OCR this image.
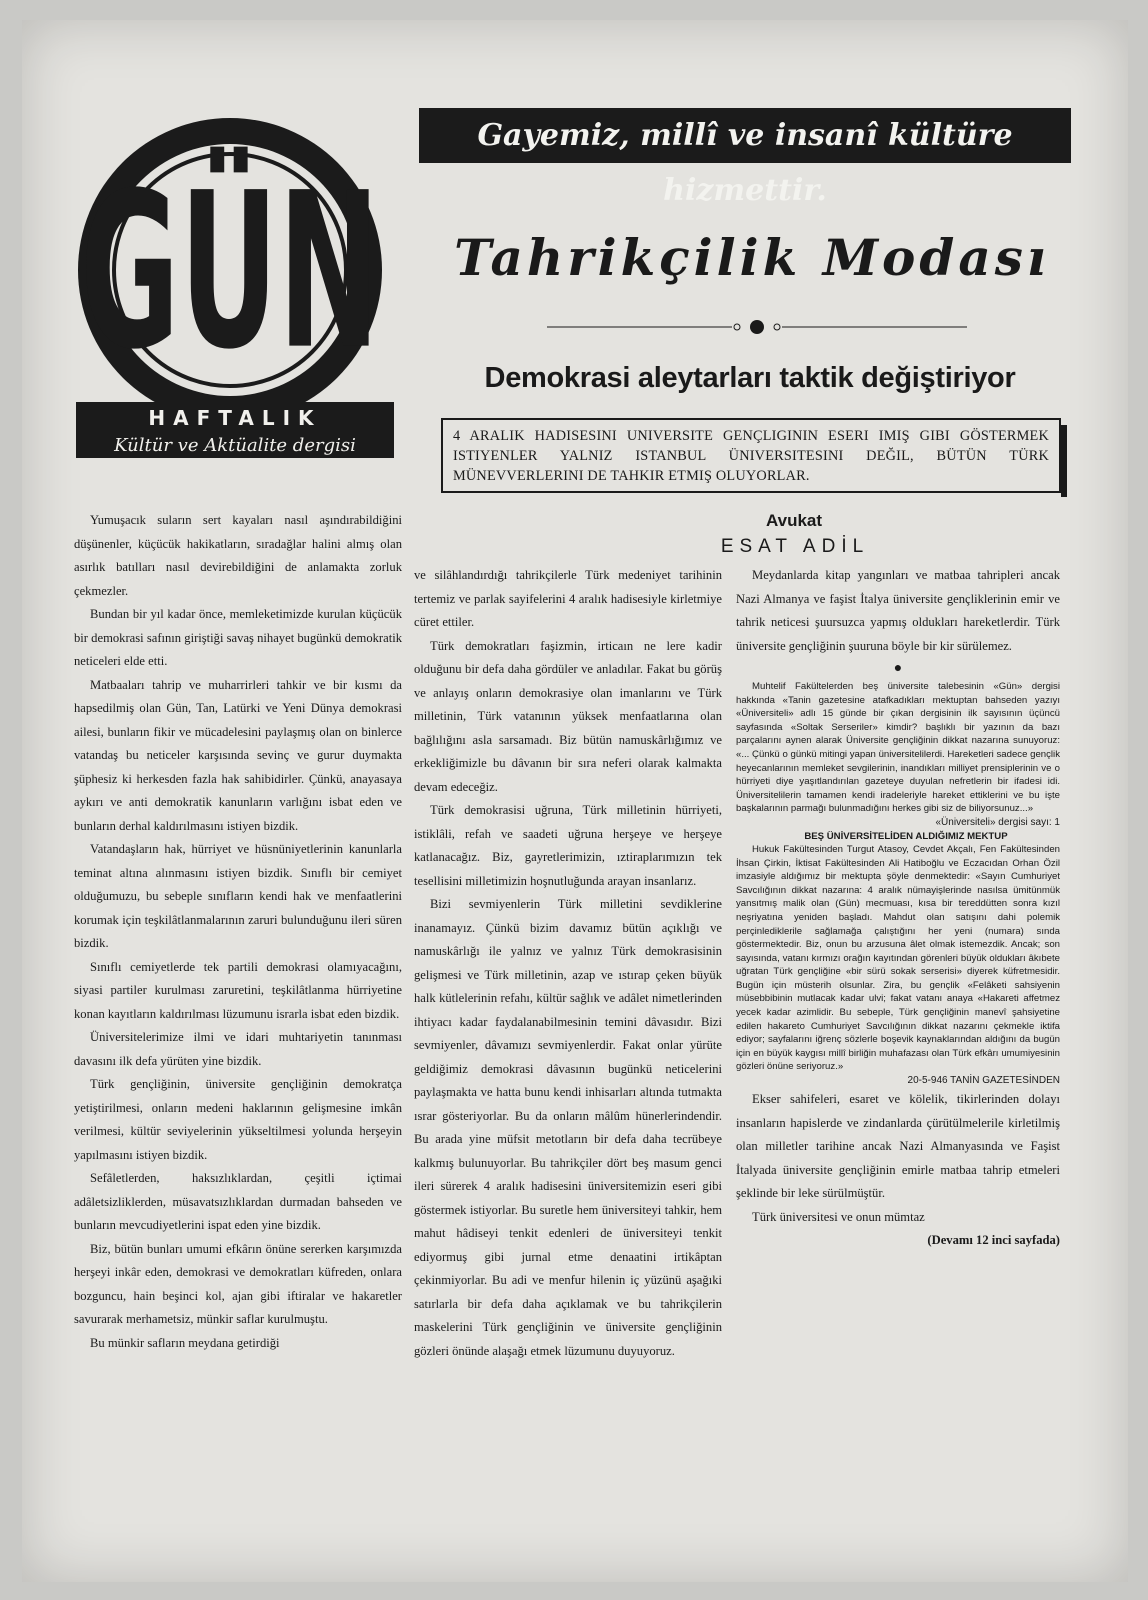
GÜN
HAFTALIK
Kültür ve Aktüalite dergisi
Gayemiz, millî ve insanî kültüre hizmettir.
Tahrikçilik Modası
Demokrasi aleytarları taktik değiştiriyor
4 ARALIK HADISESINI UNIVERSITE GENÇLIGININ ESERI IMIŞ GIBI GÖSTERMEK ISTIYENLER YALNIZ ISTANBUL ÜNIVERSITESINI DEĞIL, BÜTÜN TÜRK MÜNEVVERLERINI DE TAHKIR ETMIŞ OLUYORLAR.
Avukat
ESAT ADİL

Yumuşacık suların sert kayaları nasıl aşındırabildiğini düşünenler, küçücük hakikatların, sıradağlar halini almış olan asırlık batılları nasıl devirebildiğini de anlamakta zorluk çekmezler.

Bundan bir yıl kadar önce, memleketimizde kurulan küçücük bir demokrasi safının giriştiği savaş nihayet bugünkü demokratik neticeleri elde etti.

Matbaaları tahrip ve muharrirleri tahkir ve bir kısmı da hapsedilmiş olan Gün, Tan, Latürki ve Yeni Dünya demokrasi ailesi, bunların fikir ve mücadelesini paylaşmış olan on binlerce vatandaş bu neticeler karşısında sevinç ve gurur duymakta şüphesiz ki herkesden fazla hak sahibidirler. Çünkü, anayasaya aykırı ve anti demokratik kanunların varlığını isbat eden ve bunların derhal kaldırılmasını istiyen bizdik.

Vatandaşların hak, hürriyet ve hüsnüniyetlerinin kanunlarla teminat altına alınmasını istiyen bizdik. Sınıflı bir cemiyet olduğumuzu, bu sebeple sınıfların kendi hak ve menfaatlerini korumak için teşkilâtlanmalarının zaruri bulunduğunu ileri süren bizdik.

Sınıflı cemiyetlerde tek partili demokrasi olamıyacağını, siyasi partiler kurulması zaruretini, teşkilâtlanma hürriyetine konan kayıtların kaldırılması lüzumunu israrla isbat eden bizdik.

Üniversitelerimize ilmi ve idari muhtariyetin tanınması davasını ilk defa yürüten yine bizdik.

Türk gençliğinin, üniversite gençliğinin demokratça yetiştirilmesi, onların medeni haklarının gelişmesine imkân verilmesi, kültür seviyelerinin yükseltilmesi yolunda herşeyin yapılmasını istiyen bizdik.

Sefâletlerden, haksızlıklardan, çeşitli içtimai adâletsizliklerden, müsavatsızlıklardan durmadan bahseden ve bunların mevcudiyetlerini ispat eden yine bizdik.

Biz, bütün bunları umumi efkârın önüne sererken karşımızda herşeyi inkâr eden, demokrasi ve demokratları küfreden, onlara bozguncu, hain beşinci kol, ajan gibi iftiralar ve hakaretler savurarak merhametsiz, münkir saflar kurulmuştu.

Bu münkir safların meydana getirdiği

ve silâhlandırdığı tahrikçilerle Türk medeniyet tarihinin tertemiz ve parlak sayifelerini 4 aralık hadisesiyle kirletmiye cüret ettiler.

Türk demokratları faşizmin, irticaın ne lere kadir olduğunu bir defa daha gördüler ve anladılar. Fakat bu görüş ve anlayış onların demokrasiye olan imanlarını ve Türk milletinin, Türk vatanının yüksek menfaatlarına olan bağlılığını asla sarsamadı. Biz bütün namuskârlığımız ve erkekliğimizle bu dâvanın bir sıra neferi olarak kalmakta devam edeceğiz.

Türk demokrasisi uğruna, Türk milletinin hürriyeti, istiklâli, refah ve saadeti uğruna herşeye ve herşeye katlanacağız. Biz, gayretlerimizin, ıztiraplarımızın tek tesellisini milletimizin hoşnutluğunda arayan insanlarız.

Bizi sevmiyenlerin Türk milletini sevdiklerine inanamayız. Çünkü bizim davamız bütün açıklığı ve namuskârlığı ile yalnız ve yalnız Türk demokrasisinin gelişmesi ve Türk milletinin, azap ve ıstırap çeken büyük halk kütlelerinin refahı, kültür sağlık ve adâlet nimetlerinden ihtiyacı kadar faydalanabilmesinin temini dâvasıdır. Bizi sevmiyenler, dâvamızı sevmiyenlerdir. Fakat onlar yürüte geldiğimiz demokrasi dâvasının bugünkü neticelerini paylaşmakta ve hatta bunu kendi inhisarları altında tutmakta ısrar gösteriyorlar. Bu da onların mâlûm hünerlerindendir. Bu arada yine müfsit metotların bir defa daha tecrübeye kalkmış bulunuyorlar. Bu tahrikçiler dört beş masum genci ileri sürerek 4 aralık hadisesini üniversitemizin eseri gibi göstermek istiyorlar. Bu suretle hem üniversiteyi tahkir, hem mahut hâdiseyi tenkit edenleri de üniversiteyi tenkit ediyormuş gibi jurnal etme denaatini irtikâptan çekinmiyorlar. Bu adi ve menfur hilenin iç yüzünü aşağıki satırlarla bir defa daha açıklamak ve bu tahrikçilerin maskelerini Türk gençliğinin ve üniversite gençliğinin gözleri önünde alaşağı etmek lüzumunu duyuyoruz.

Meydanlarda kitap yangınları ve matbaa tahripleri ancak Nazi Almanya ve faşist İtalya üniversite gençliklerinin emir ve tahrik neticesi şuursuzca yapmış oldukları hareketlerdir. Türk üniversite gençliğinin şuuruna böyle bir kir sürülemez.

●

Muhtelif Fakültelerden beş üniversite talebesinin «Gün» dergisi hakkında «Tanin gazetesine atafkadıkları mektuptan bahseden yazıyı «Üniversiteli» adlı 15 günde bir çıkan dergisinin ilk sayısının üçüncü sayfasında «Soltak Serseriler» kimdir? başlıklı bir yazının da bazı parçalarını aynen alarak Üniversite gençliğinin dikkat nazarına sunuyoruz: «... Çünkü o günkü mitingi yapan üniversitelilerdi. Hareketleri sadece gençlik heyecanlarının memleket sevgilerinin, inandıkları milliyet prensiplerinin ve o hürriyeti diye yaşıtlandırılan gazeteye duyulan nefretlerin bir ifadesi idi. Üniversitelilerin tamamen kendi iradeleriyle hareket ettiklerini ve bu işte başkalarının parmağı bulunmadığını herkes gibi siz de biliyorsunuz...»

«Üniversiteli» dergisi sayı: 1

BEŞ ÜNİVERSİTELİDEN ALDIĞIMIZ MEKTUP

Hukuk Fakültesinden Turgut Atasoy, Cevdet Akçalı, Fen Fakültesinden İhsan Çirkin, İktisat Fakültesinden Ali Hatiboğlu ve Eczacıdan Orhan Özil imzasiyle aldığımız bir mektupta şöyle denmektedir: «Sayın Cumhuriyet Savcılığının dikkat nazarına: 4 aralık nümayişlerinde nasılsa ümitünmük yansıtmış malik olan (Gün) mecmuası, kısa bir tereddütten sonra kızıl neşriyatına yeniden başladı. Mahdut olan satışını dahi polemik perçinlediklerile sağlamağa çalıştığını her yeni (numara) sında göstermektedir. Biz, onun bu arzusuna âlet olmak istemezdik. Ancak; son sayısında, vatanı kırmızı orağın kayıtından görenleri büyük oldukları âkıbete uğratan Türk gençliğine «bir sürü sokak serserisi» diyerek küfretmesidir. Bugün için müsterih olsunlar. Zira, bu gençlik «Felâketi sahsiyenin müsebbibinin mutlacak kadar ulvi; fakat vatanı anaya «Hakareti affetmez yecek kadar azimlidir. Bu sebeple, Türk gençliğinin manevî şahsiyetine edilen hakareto Cumhuriyet Savcılığının dikkat nazarını çekmekle iktifa ediyor; sayfalarını iğrenç sözlerle boşevik kaynaklarından aldığını da bugün için en büyük kaygısı millî birliğin muhafazası olan Türk efkârı umumiyesinin gözleri önüne seriyoruz.»

20-5-946 TANİN GAZETESİNDEN

Ekser sahifeleri, esaret ve kölelik, tikirlerinden dolayı insanların hapislerde ve zindanlarda çürütülmelerile kirletilmiş olan milletler tarihine ancak Nazi Almanyasında ve Faşist İtalyada üniversite gençliğinin emirle matbaa tahrip etmeleri şeklinde bir leke sürülmüştür.

Türk üniversitesi ve onun mümtaz

(Devamı 12 inci sayfada)
